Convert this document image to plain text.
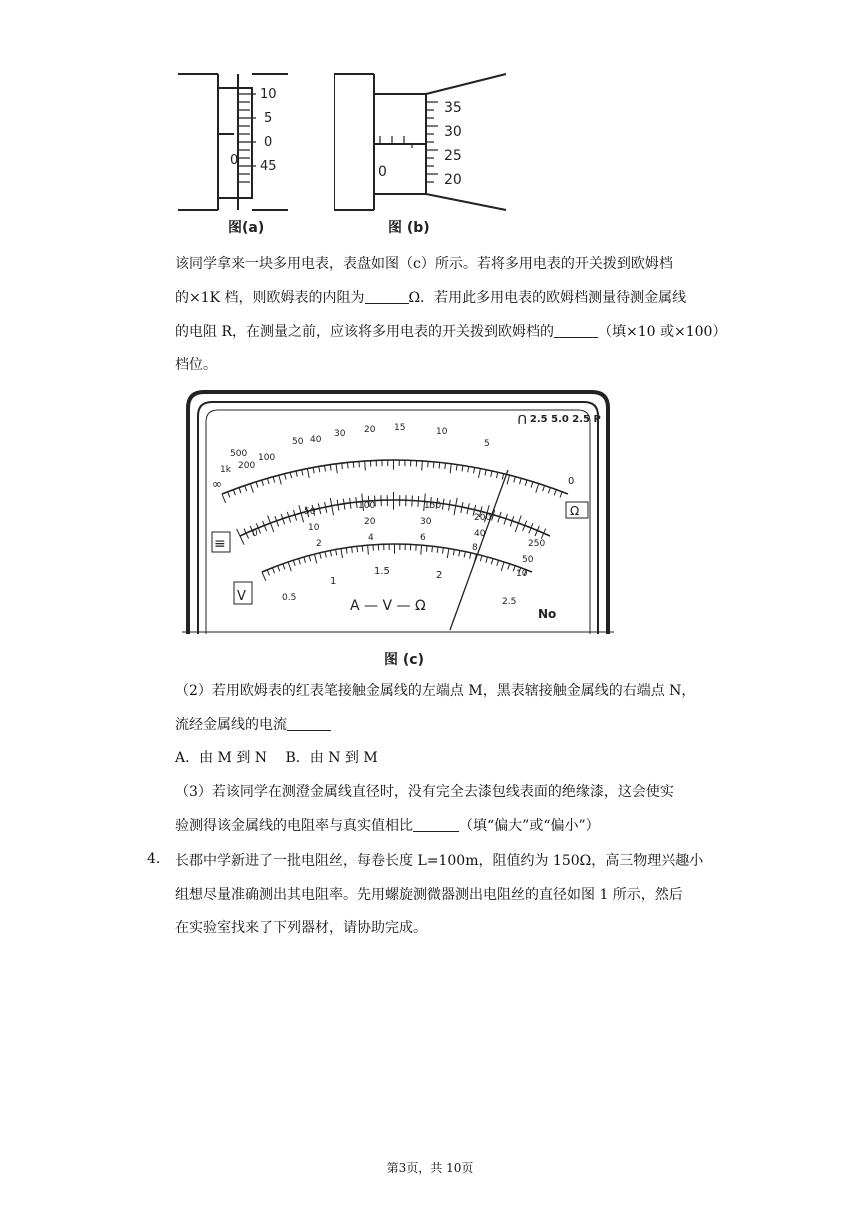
10
5
0
45
0
图(a)
35
30
25
20
0
图 (b)
该同学拿来一块多用电表，表盘如图（c）所示。若将多用电表的开关拨到欧姆档
的×1K 档，则欧姆表的内阻为	Ω．若用此多用电表的欧姆档测量待测金属线
的电阻 R，在测量之前，应该将多用电表的开关拨到欧姆档的	（填×10 或×100）
档位。
∞
1k
500
200
100
50 40
30 20 15	10
5
0
0
50
100	150
200
250
10
20	30
40
50
2
4	6
8
10
0.5
1
1.5	2
2.5
⋂ 2.5 5.0 2.5 P
Ω
≡
V
A — V — Ω	No
图 (c)
（2）若用欧姆表的红表笔接触金属线的左端点 M，黑表辖接触金属线的右端点 N，
流经金属线的电流
A．由 M 到 N　 B．由 N 到 M
（3）若该同学在测澄金属线直径时，没有完全去漆包线表面的绝缘漆，这会使实
验测得该金属线的电阻率与真实值相比	（填“偏大”或“偏小”）
4. 长郡中学新进了一批电阻丝，每卷长度 L=100m，阻值约为 150Ω，高三物理兴趣小
组想尽量准确测出其电阻率。先用螺旋测微器测出电阻丝的直径如图 1 所示，然后
在实验室找来了下列器材，请协助完成。
第3页，共 10页
